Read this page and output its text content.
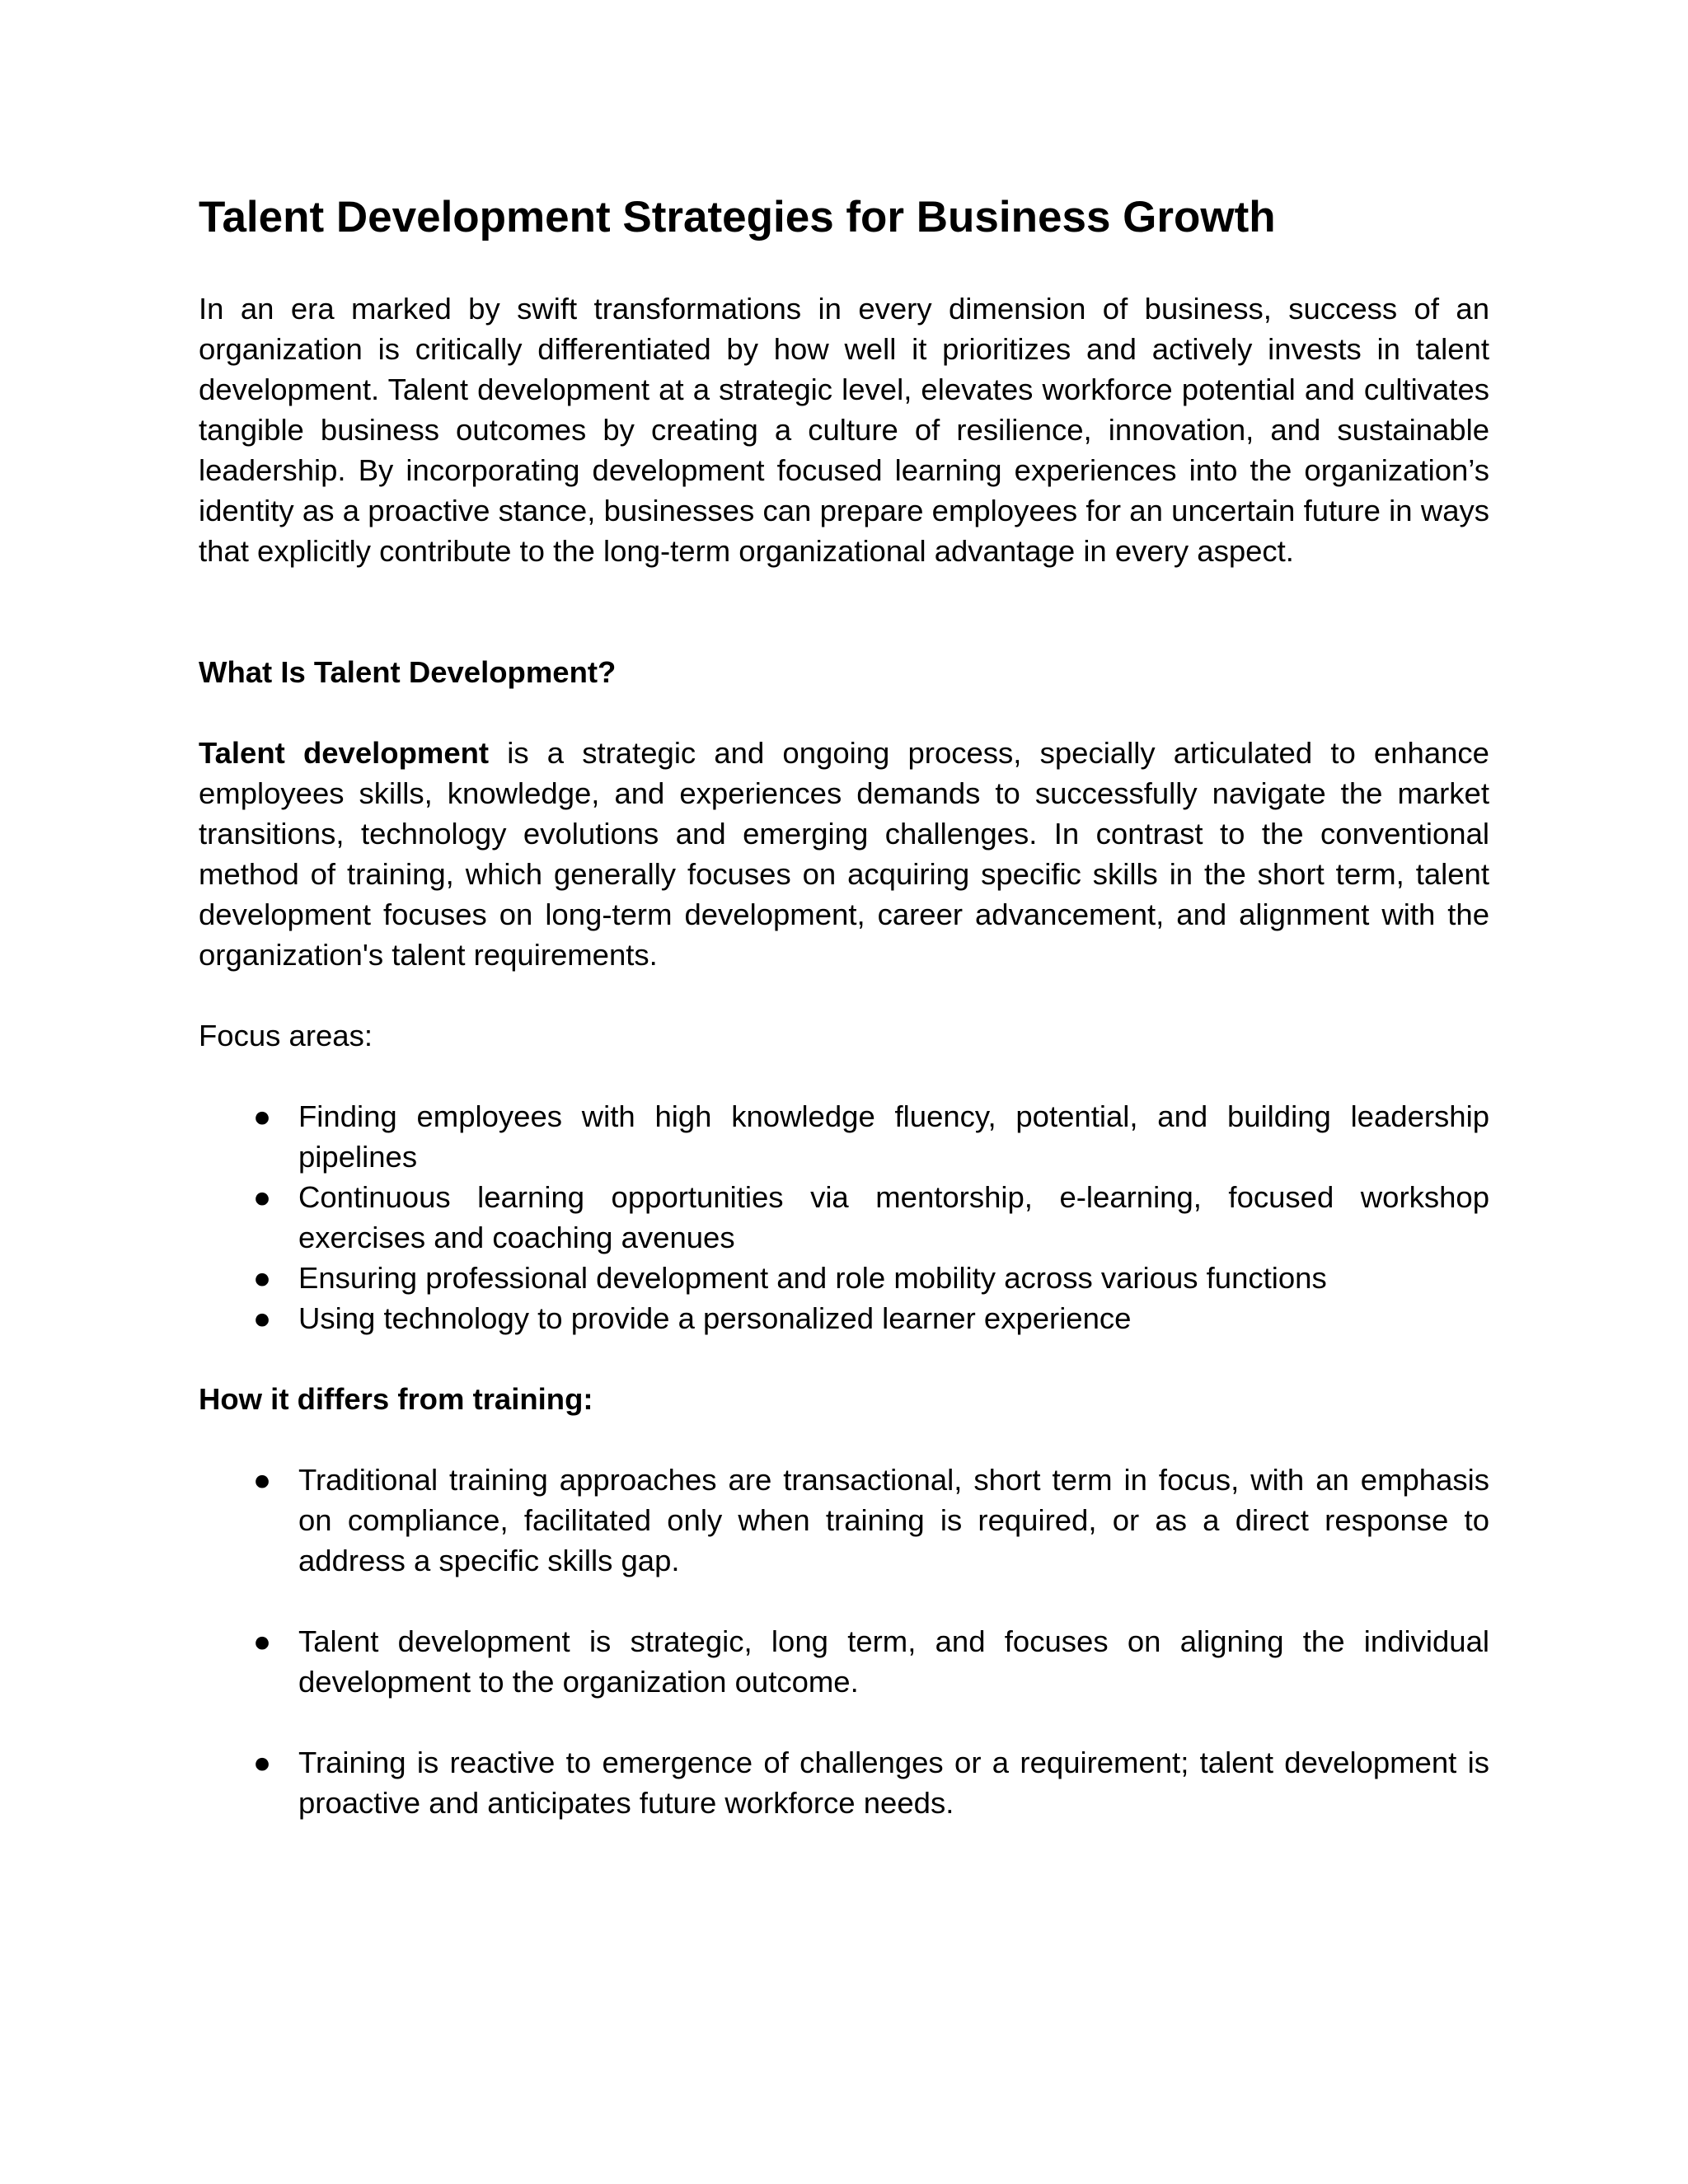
Talent Development Strategies for Business Growth

In an era marked by swift transformations in every dimension of business, success of an organization is critically differentiated by how well it prioritizes and actively invests in talent development. Talent development at a strategic level, elevates workforce potential and cultivates tangible business outcomes by creating a culture of resilience, innovation, and sustainable leadership. By incorporating development focused learning experiences into the organization’s identity as a proactive stance, businesses can prepare employees for an uncertain future in ways that explicitly contribute to the long-term organizational advantage in every aspect.

What Is Talent Development?

Talent development is a strategic and ongoing process, specially articulated to enhance employees skills, knowledge, and experiences demands to successfully navigate the market transitions, technology evolutions and emerging challenges. In contrast to the conventional method of training, which generally focuses on acquiring specific skills in the short term, talent development focuses on long-term development, career advancement, and alignment with the organization's talent requirements.

Focus areas:

● Finding employees with high knowledge fluency, potential, and building leadership pipelines
● Continuous learning opportunities via mentorship, e-learning, focused workshop exercises and coaching avenues
● Ensuring professional development and role mobility across various functions
● Using technology to provide a personalized learner experience
How it differs from training:
● Traditional training approaches are transactional, short term in focus, with an emphasis on compliance, facilitated only when training is required, or as a direct response to address a specific skills gap.
● Talent development is strategic, long term, and focuses on aligning the individual development to the organization outcome.
● Training is reactive to emergence of challenges or a requirement; talent development is proactive and anticipates future workforce needs.
